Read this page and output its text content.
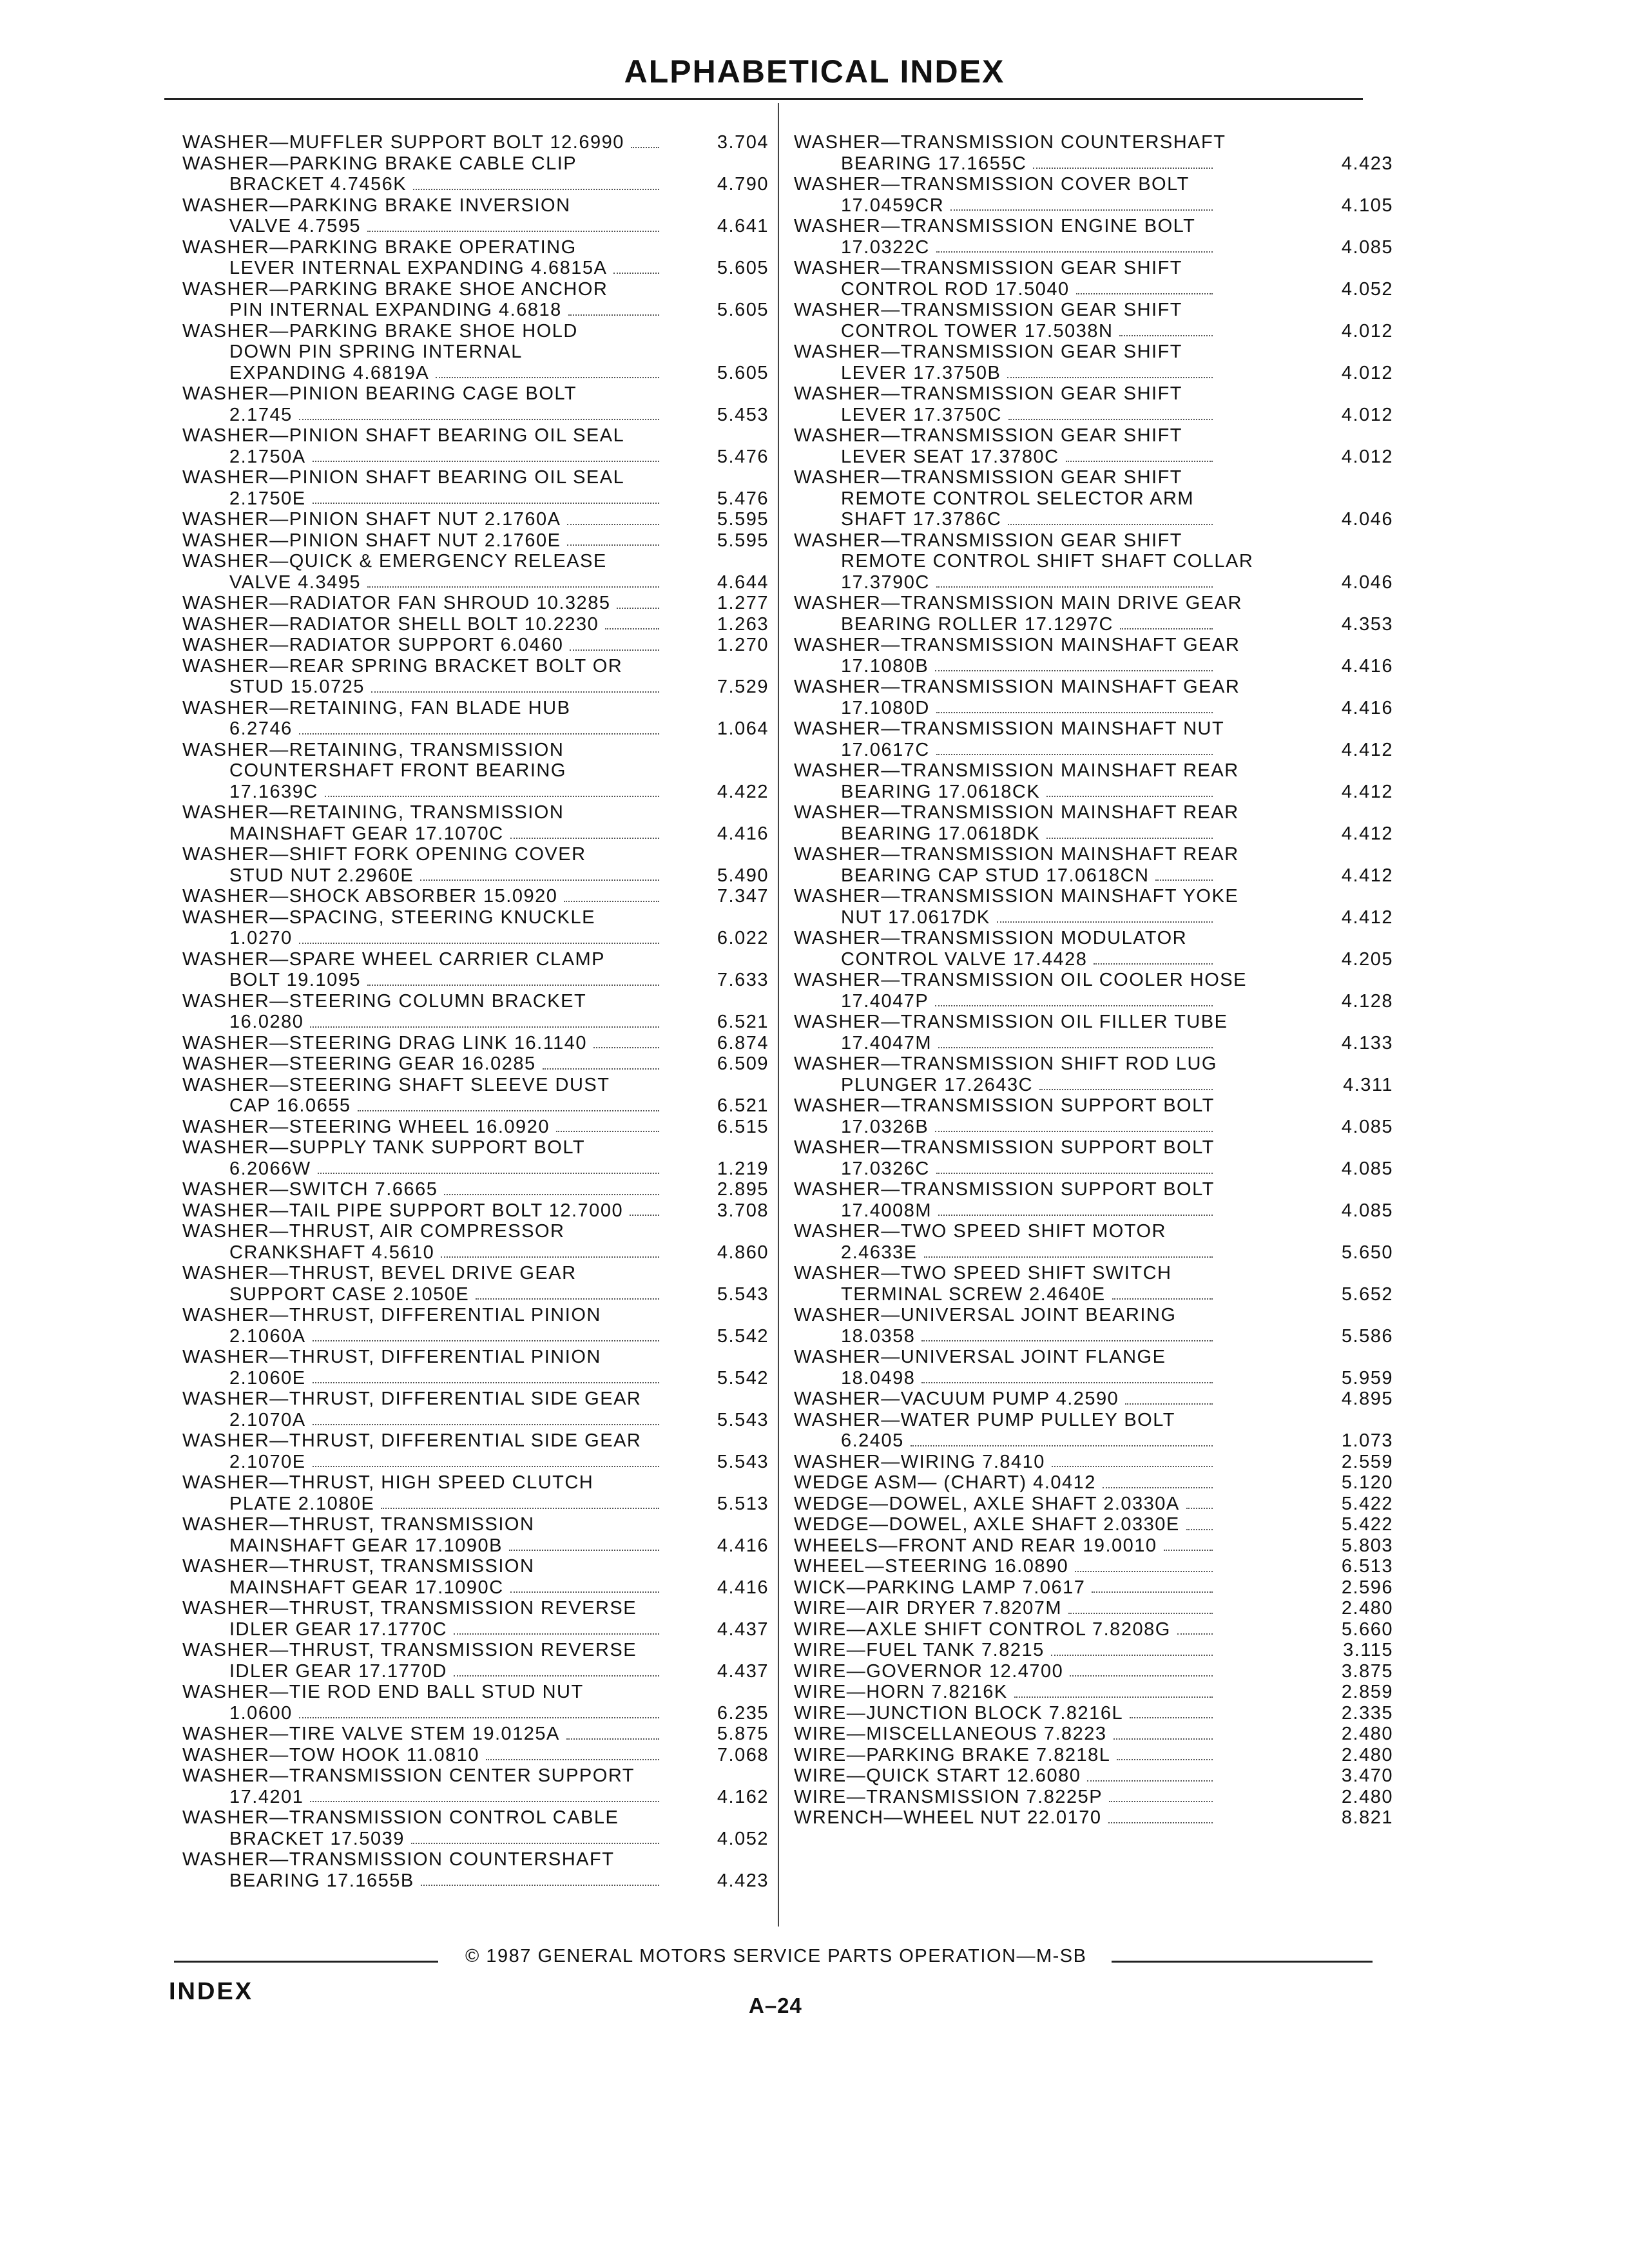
ALPHABETICAL INDEX
WASHER—MUFFLER SUPPORT BOLT 12.6990	3.704
WASHER—PARKING BRAKE CABLE CLIP
BRACKET 4.7456K	4.790
WASHER—PARKING BRAKE INVERSION
VALVE 4.7595	4.641
WASHER—PARKING BRAKE OPERATING
LEVER INTERNAL EXPANDING 4.6815A	5.605
WASHER—PARKING BRAKE SHOE ANCHOR
PIN INTERNAL EXPANDING 4.6818	5.605
WASHER—PARKING BRAKE SHOE HOLD
DOWN PIN SPRING INTERNAL
EXPANDING 4.6819A	5.605
WASHER—PINION BEARING CAGE BOLT
2.1745	5.453
WASHER—PINION SHAFT BEARING OIL SEAL
2.1750A	5.476
WASHER—PINION SHAFT BEARING OIL SEAL
2.1750E	5.476
WASHER—PINION SHAFT NUT 2.1760A	5.595
WASHER—PINION SHAFT NUT 2.1760E	5.595
WASHER—QUICK & EMERGENCY RELEASE
VALVE 4.3495	4.644
WASHER—RADIATOR FAN SHROUD 10.3285	1.277
WASHER—RADIATOR SHELL BOLT 10.2230	1.263
WASHER—RADIATOR SUPPORT 6.0460	1.270
WASHER—REAR SPRING BRACKET BOLT OR
STUD 15.0725	7.529
WASHER—RETAINING, FAN BLADE HUB
6.2746	1.064
WASHER—RETAINING, TRANSMISSION
COUNTERSHAFT FRONT BEARING
17.1639C	4.422
WASHER—RETAINING, TRANSMISSION
MAINSHAFT GEAR 17.1070C	4.416
WASHER—SHIFT FORK OPENING COVER
STUD NUT 2.2960E	5.490
WASHER—SHOCK ABSORBER 15.0920	7.347
WASHER—SPACING, STEERING KNUCKLE
1.0270	6.022
WASHER—SPARE WHEEL CARRIER CLAMP
BOLT 19.1095	7.633
WASHER—STEERING COLUMN BRACKET
16.0280	6.521
WASHER—STEERING DRAG LINK 16.1140	6.874
WASHER—STEERING GEAR 16.0285	6.509
WASHER—STEERING SHAFT SLEEVE DUST
CAP 16.0655	6.521
WASHER—STEERING WHEEL 16.0920	6.515
WASHER—SUPPLY TANK SUPPORT BOLT
6.2066W	1.219
WASHER—SWITCH 7.6665	2.895
WASHER—TAIL PIPE SUPPORT BOLT 12.7000	3.708
WASHER—THRUST, AIR COMPRESSOR
CRANKSHAFT 4.5610	4.860
WASHER—THRUST, BEVEL DRIVE GEAR
SUPPORT CASE 2.1050E	5.543
WASHER—THRUST, DIFFERENTIAL PINION
2.1060A	5.542
WASHER—THRUST, DIFFERENTIAL PINION
2.1060E	5.542
WASHER—THRUST, DIFFERENTIAL SIDE GEAR
2.1070A	5.543
WASHER—THRUST, DIFFERENTIAL SIDE GEAR
2.1070E	5.543
WASHER—THRUST, HIGH SPEED CLUTCH
PLATE 2.1080E	5.513
WASHER—THRUST, TRANSMISSION
MAINSHAFT GEAR 17.1090B	4.416
WASHER—THRUST, TRANSMISSION
MAINSHAFT GEAR 17.1090C	4.416
WASHER—THRUST, TRANSMISSION REVERSE
IDLER GEAR 17.1770C	4.437
WASHER—THRUST, TRANSMISSION REVERSE
IDLER GEAR 17.1770D	4.437
WASHER—TIE ROD END BALL STUD NUT
1.0600	6.235
WASHER—TIRE VALVE STEM 19.0125A	5.875
WASHER—TOW HOOK 11.0810	7.068
WASHER—TRANSMISSION CENTER SUPPORT
17.4201	4.162
WASHER—TRANSMISSION CONTROL CABLE
BRACKET 17.5039	4.052
WASHER—TRANSMISSION COUNTERSHAFT
BEARING 17.1655B	4.423
WASHER—TRANSMISSION COUNTERSHAFT
BEARING 17.1655C	4.423
WASHER—TRANSMISSION COVER BOLT
17.0459CR	4.105
WASHER—TRANSMISSION ENGINE BOLT
17.0322C	4.085
WASHER—TRANSMISSION GEAR SHIFT
CONTROL ROD 17.5040	4.052
WASHER—TRANSMISSION GEAR SHIFT
CONTROL TOWER 17.5038N	4.012
WASHER—TRANSMISSION GEAR SHIFT
LEVER 17.3750B	4.012
WASHER—TRANSMISSION GEAR SHIFT
LEVER 17.3750C	4.012
WASHER—TRANSMISSION GEAR SHIFT
LEVER SEAT 17.3780C	4.012
WASHER—TRANSMISSION GEAR SHIFT
REMOTE CONTROL SELECTOR ARM
SHAFT 17.3786C	4.046
WASHER—TRANSMISSION GEAR SHIFT
REMOTE CONTROL SHIFT SHAFT COLLAR
17.3790C	4.046
WASHER—TRANSMISSION MAIN DRIVE GEAR
BEARING ROLLER 17.1297C	4.353
WASHER—TRANSMISSION MAINSHAFT GEAR
17.1080B	4.416
WASHER—TRANSMISSION MAINSHAFT GEAR
17.1080D	4.416
WASHER—TRANSMISSION MAINSHAFT NUT
17.0617C	4.412
WASHER—TRANSMISSION MAINSHAFT REAR
BEARING 17.0618CK	4.412
WASHER—TRANSMISSION MAINSHAFT REAR
BEARING 17.0618DK	4.412
WASHER—TRANSMISSION MAINSHAFT REAR
BEARING CAP STUD 17.0618CN	4.412
WASHER—TRANSMISSION MAINSHAFT YOKE
NUT 17.0617DK	4.412
WASHER—TRANSMISSION MODULATOR
CONTROL VALVE 17.4428	4.205
WASHER—TRANSMISSION OIL COOLER HOSE
17.4047P	4.128
WASHER—TRANSMISSION OIL FILLER TUBE
17.4047M	4.133
WASHER—TRANSMISSION SHIFT ROD LUG
PLUNGER 17.2643C	4.311
WASHER—TRANSMISSION SUPPORT BOLT
17.0326B	4.085
WASHER—TRANSMISSION SUPPORT BOLT
17.0326C	4.085
WASHER—TRANSMISSION SUPPORT BOLT
17.4008M	4.085
WASHER—TWO SPEED SHIFT MOTOR
2.4633E	5.650
WASHER—TWO SPEED SHIFT SWITCH
TERMINAL SCREW 2.4640E	5.652
WASHER—UNIVERSAL JOINT BEARING
18.0358	5.586
WASHER—UNIVERSAL JOINT FLANGE
18.0498	5.959
WASHER—VACUUM PUMP 4.2590	4.895
WASHER—WATER PUMP PULLEY BOLT
6.2405	1.073
WASHER—WIRING 7.8410	2.559
WEDGE ASM— (CHART) 4.0412	5.120
WEDGE—DOWEL, AXLE SHAFT 2.0330A	5.422
WEDGE—DOWEL, AXLE SHAFT 2.0330E	5.422
WHEELS—FRONT AND REAR 19.0010	5.803
WHEEL—STEERING 16.0890	6.513
WICK—PARKING LAMP 7.0617	2.596
WIRE—AIR DRYER 7.8207M	2.480
WIRE—AXLE SHIFT CONTROL 7.8208G	5.660
WIRE—FUEL TANK 7.8215	3.115
WIRE—GOVERNOR 12.4700	3.875
WIRE—HORN 7.8216K	2.859
WIRE—JUNCTION BLOCK 7.8216L	2.335
WIRE—MISCELLANEOUS 7.8223	2.480
WIRE—PARKING BRAKE 7.8218L	2.480
WIRE—QUICK START 12.6080	3.470
WIRE—TRANSMISSION 7.8225P	2.480
WRENCH—WHEEL NUT 22.0170	8.821
© 1987 GENERAL MOTORS SERVICE PARTS OPERATION—M-SB
INDEX
A–24
